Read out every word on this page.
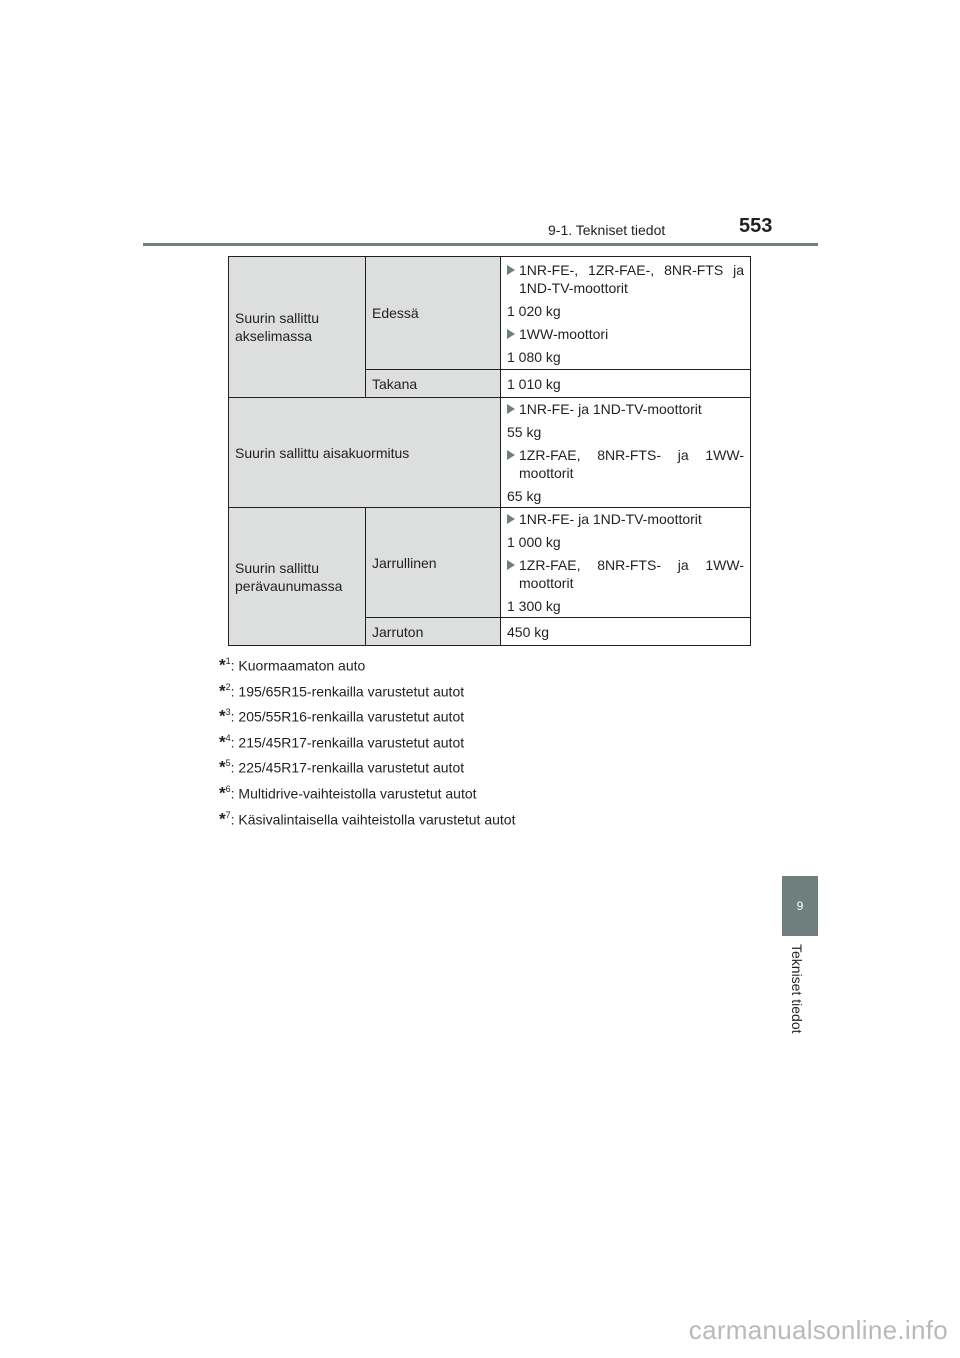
9-1. Tekniset tiedot	553
Suurin sallittu akselimassa	Edessä	1NR-FE-, 1ZR-FAE-, 8NR-FTS ja 1ND-TV-moottorit

1 020 kg

1WW-moottori

1 080 kg

	Takana	1 010 kg
Suurin sallittu aisakuormitus		1NR-FE- ja 1ND-TV-moottorit

55 kg

1ZR-FAE, 8NR-FTS- ja 1WW-moottorit

65 kg

Suurin sallittu perävaunumassa	Jarrullinen	1NR-FE- ja 1ND-TV-moottorit

1 000 kg

1ZR-FAE, 8NR-FTS- ja 1WW-moottorit

1 300 kg

	Jarruton	450 kg
*$^1$: Kuormaamaton auto
*$^2$: 195/65R15-renkailla varustetut autot
*$^3$: 205/55R16-renkailla varustetut autot
*$^4$: 215/45R17-renkailla varustetut autot
*$^5$: 225/45R17-renkailla varustetut autot
*$^6$: Multidrive-vaihteistolla varustetut autot
*$^7$: Käsivalintaisella vaihteistolla varustetut autot
9
Tekniset tiedot
carmanualsonline.info
